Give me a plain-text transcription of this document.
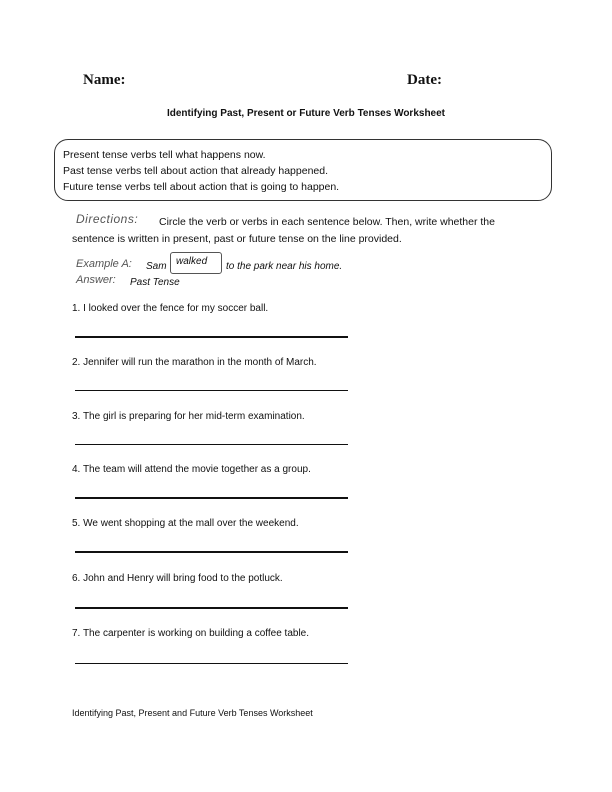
Name:	Date:
Identifying Past, Present or Future Verb Tenses Worksheet
Present tense verbs tell what happens now.
Past tense verbs tell about action that already happened.
Future tense verbs tell about action that is going to happen.
Directions: Circle the verb or verbs in each sentence below. Then, write whether the
sentence is written in present, past or future tense on the line provided.
Example A: Sam walked	to the park near his home.
Answer: Past Tense
1. I looked over the fence for my soccer ball.
2. Jennifer will run the marathon in the month of March.
3. The girl is preparing for her mid-term examination.
4. The team will attend the movie together as a group.
5. We went shopping at the mall over the weekend.
6. John and Henry will bring food to the potluck.
7. The carpenter is working on building a coffee table.
Identifying Past, Present and Future Verb Tenses Worksheet
